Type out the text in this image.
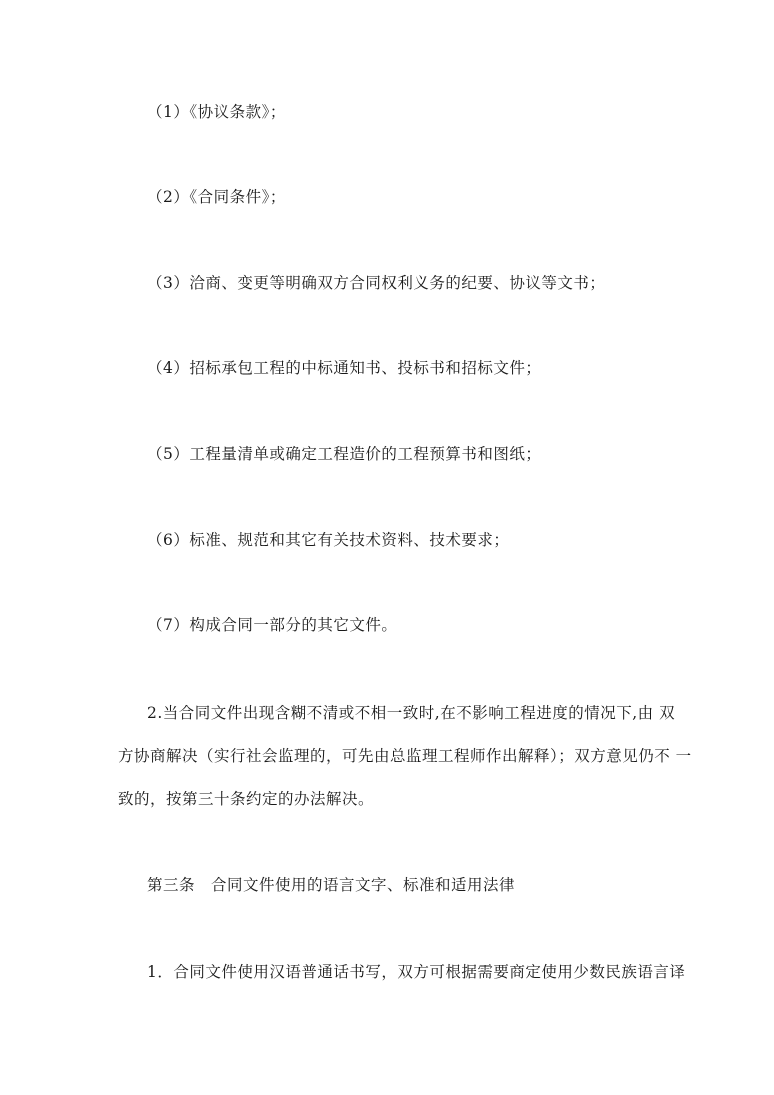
（1）《协议条款》；
（2）《合同条件》；
（3）洽商、变更等明确双方合同权利义务的纪要、协议等文书；
（4）招标承包工程的中标通知书、投标书和招标文件；
（5）工程量清单或确定工程造价的工程预算书和图纸；
（6）标准、规范和其它有关技术资料、技术要求；
（7）构成合同一部分的其它文件。
2.当合同文件出现含糊不清或不相一致时,在不影响工程进度的情况下,由 双
方协商解决（实行社会监理的，可先由总监理工程师作出解释）；双方意见仍不 一
致的，按第三十条约定的办法解决。
第三条　合同文件使用的语言文字、标准和适用法律
1．合同文件使用汉语普通话书写，双方可根据需要商定使用少数民族语言译
